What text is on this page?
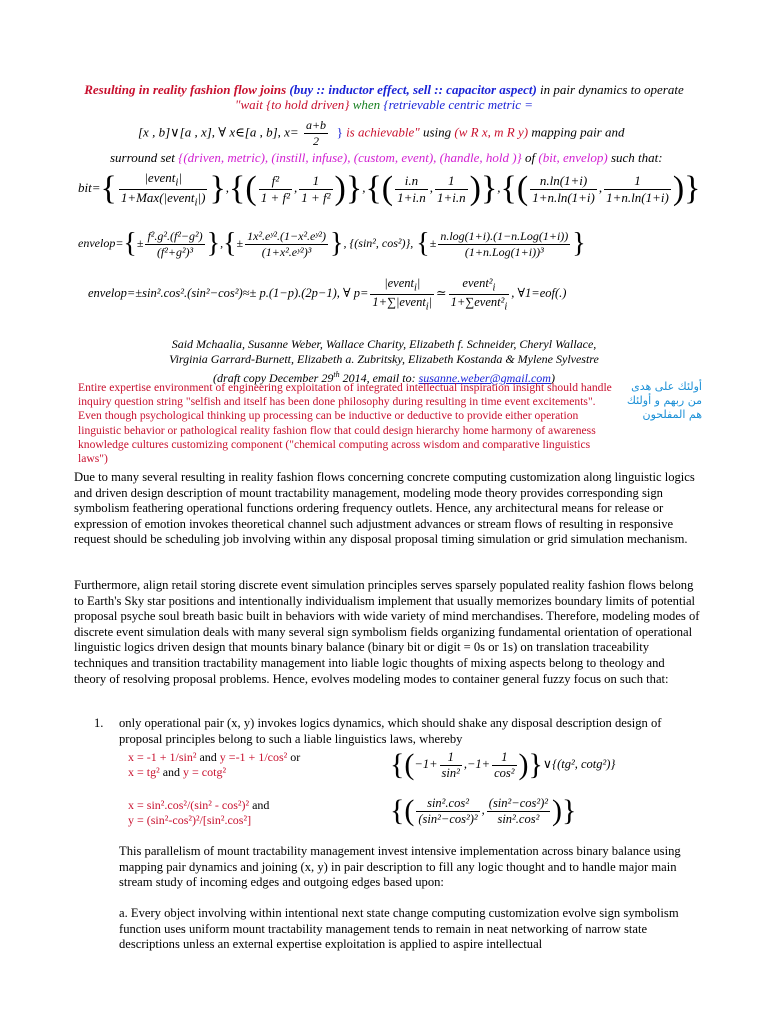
Resulting in reality fashion flow joins (buy :: inductor effect, sell :: capacitor aspect) in pair dynamics to operate "wait {to hold driven} when {retrievable centric metric =
[x , b]∨[a , x], ∀ x∈[a , b], $x= \frac{a+b}{2}$ } is achievable" using (w R x, m R y) mapping pair and
surround set {(driven, metric), (instill, infuse), (custom, event), (handle, hold )} of (bit, envelop) such that:
$bit=\{ \frac{|event_i|}{1+Max(|event_i|)}$ },{( $\frac{\text{f²}}{\text{1 + f²}}$ , $\frac{1}{\text{1 + f²}}$ )},{( $\frac{i.n}{1+i.n}$ , $\frac{1}{1+i.n}$ )},{( $\frac{n.\ln(1+i)}{1+n.\ln(1+i)}$ , $\frac{1}{1+n.\ln(1+i)}$ )}
envelop={± $\frac{\text{f².g².(f²−g²)}}{\text{(f²+g²)³}}$ },{± $\frac{\text{1x².eʸ².(1−x².eʸ²)}}{\text{(1+x².eʸ²)³}}$ }, {(sin², cos²)}, {± $\frac{\text{n.log(1+i).(1−n.Log(1+i))}}{\text{(1+n.Log(1+i))³}}$ }
envelop=±sin².cos².(sin²−cos²)≈± p.(1−p).(2p−1), ∀ $p= \frac{|event_i|}{1+\sum|event_i|}$ ≃ $\frac{event^2_i}{1+\sum event^2_i}$ , ∀1=eof(.)
Said Mchaalia, Susanne Weber, Wallace Charity, Elizabeth f. Schneider, Cheryl Wallace,
Virginia Garrard-Burnett, Elizabeth a. Zubritsky, Elizabeth Kostanda & Mylene Sylvestre
(draft copy December 29th 2014, email to: susanne.weber@gmail.com)
Entire expertise environment of engineering exploitation of integrated intellectual inspiration insight should handle inquiry question string "selfish and itself has been done philosophy during resulting in time event excitements". Even though psychological thinking up processing can be inductive or deductive to provide either operation linguistic behavior or pathological reality fashion flow that could design hierarchy home harmony of awareness knowledge cultures customizing component ("chemical computing across wisdom and comparative linguistics laws")
أولئك على هدى من ربهم و أولئك هم المفلحون
Due to many several resulting in reality fashion flows concerning concrete computing customization along linguistic logics and driven design description of mount tractability management, modeling mode theory provides corresponding sign symbolism feathering operational functions ordering frequency outlets. Hence, any architectural means for release or expression of emotion invokes theoretical channel such adjustment advances or stream flows of resulting in responsive request should be scheduling job involving within any disposal proposal timing simulation or grid simulation mechanism.
Furthermore, align retail storing discrete event simulation principles serves sparsely populated reality fashion flows belong to Earth's Sky star positions and intentionally individualism implement that usually memorizes boundary limits of potential proposal psyche soul breath basic built in behaviors with wide variety of mind merchandises. Therefore, modeling modes of discrete event simulation deals with many several sign symbolism fields organizing fundamental orientation of operational linguistic logics driven design that mounts binary balance (binary bit or digit = 0s or 1s) on translation traceability techniques and transition tractability management into liable logic thoughts of mixing aspects belong to theology and theory of resolving proposal problems. Hence, evolves modeling modes to container general fuzzy focus on such that:
1. only operational pair (x, y) invokes logics dynamics, which should shake any disposal description design of proposal principles belong to such a liable linguistics laws, whereby
x = -1 + 1/sin² and y =-1 + 1/cos² or
x = tg² and y = cotg²
x = sin².cos²/(sin² - cos²)² and
y = (sin²-cos²)²/[sin².cos²]
{($-1+ \frac{1}{\text{sin²}} ,-1+ \frac{1}{\text{cos²}}$ )}∨{(tg², cotg²)}
{( $\frac{\text{sin².cos²}}{\text{(sin²−cos²)²}}$ , $\frac{\text{(sin²−cos²)²}}{\text{sin².cos²}}$ )}
This parallelism of mount tractability management invest intensive implementation across binary balance using mapping pair dynamics and joining (x, y) in pair description to fill any logic thought and to handle major main stream study of incoming edges and outgoing edges based upon:
a. Every object involving within intentional next state change computing customization evolve sign symbolism function uses uniform mount tractability management tends to remain in neat networking of narrow state descriptions unless an external expertise exploitation is applied to aspire intellectual
